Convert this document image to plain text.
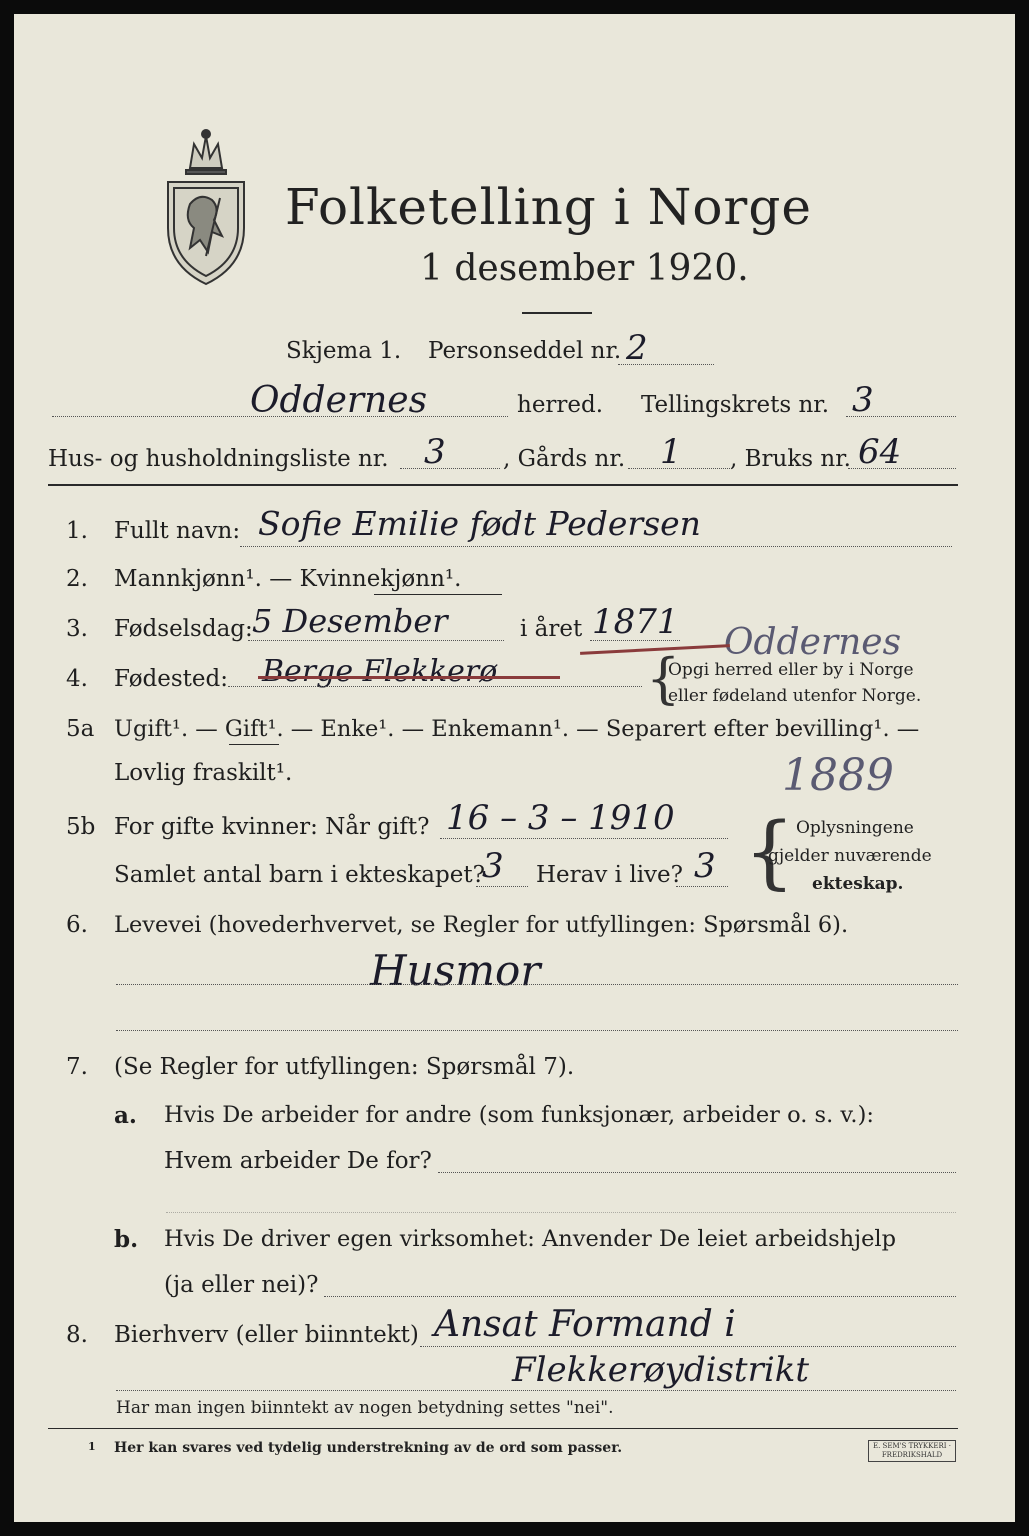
Folketelling i Norge
1 desember 1920.
Skjema 1. Personseddel nr. 2
Oddernes	herred. Tellingskrets nr. 3
Hus- og husholdningsliste nr. 3 , Gårds nr. 1 , Bruks nr. 64
1. Fullt navn: Sofie Emilie født Pedersen
2. Mannkjønn¹. — Kvinnekjønn¹.
3. Fødselsdag: 5 Desember	i året 1871 Oddernes
4. Fødested: Berge Flekkerø	{
Opgi herred eller by i Norge
eller fødeland utenfor Norge.
5a Ugift¹. — Gift¹. — Enke¹. — Enkemann¹. — Separert efter bevilling¹. —
Lovlig fraskilt¹.	1889
5b For gifte kvinner: Når gift? 16 – 3 – 1910
Samlet antal barn i ekteskapet?
3 Herav i live? 3 { Oplysningene
gjelder nuværende
ekteskap.
6. Levevei (hovederhvervet, se Regler for utfyllingen: Spørsmål 6).
Husmor
7. (Se Regler for utfyllingen: Spørsmål 7).
a. Hvis De arbeider for andre (som funksjonær, arbeider o. s. v.):
Hvem arbeider De for?
b. Hvis De driver egen virksomhet: Anvender De leiet arbeidshjelp
(ja eller nei)?
8. Bierhverv (eller biinntekt) Ansat Formand i
Flekkerøydistrikt
Har man ingen biinntekt av nogen betydning settes "nei".
1 Her kan svares ved tydelig understrekning av de ord som passer.	E. SEM'S TRYKKERI · FREDRIKSHALD
